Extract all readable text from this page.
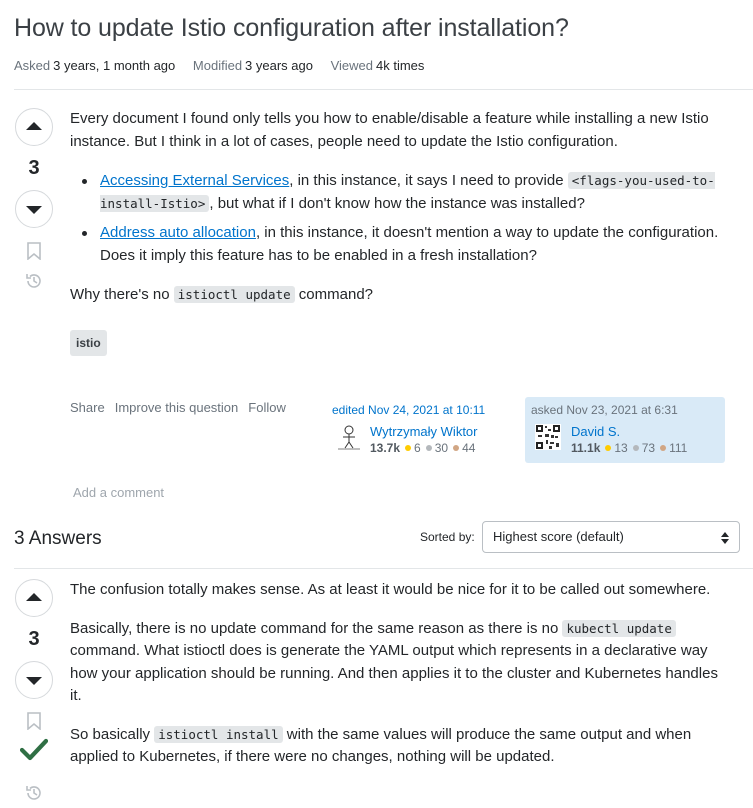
How to update Istio configuration after installation?
Asked 3 years, 1 month ago Modified 3 years ago Viewed 4k times
3

Every document I found only tells you how to enable/disable a feature while installing a new Istio instance. But I think in a lot of cases, people need to update the Istio configuration.

Accessing External Services, in this instance, it says I need to provide <flags-you-used-to-install-Istio> , but what if I don't know how the instance was installed?
Address auto allocation, in this instance, it doesn't mention a way to update the configuration. Does it imply this feature has to be enabled in a fresh installation?

Why there's no istioctl update command?

istio
Share Improve this question Follow	edited Nov 24, 2021 at 10:11
Wytrzymały Wiktor
13.7k 6 30 44
asked Nov 23, 2021 at 6:31
David S.
11.1k 13 73 111
Add a comment
3 Answers	Sorted by:	Highest score (default)
3

The confusion totally makes sense. As at least it would be nice for it to be called out somewhere.

Basically, there is no update command for the same reason as there is no kubectl update command. What istioctl does is generate the YAML output which represents in a declarative way how your application should be running. And then applies it to the cluster and Kubernetes handles it.

So basically istioctl install with the same values will produce the same output and when applied to Kubernetes, if there were no changes, nothing will be updated.
